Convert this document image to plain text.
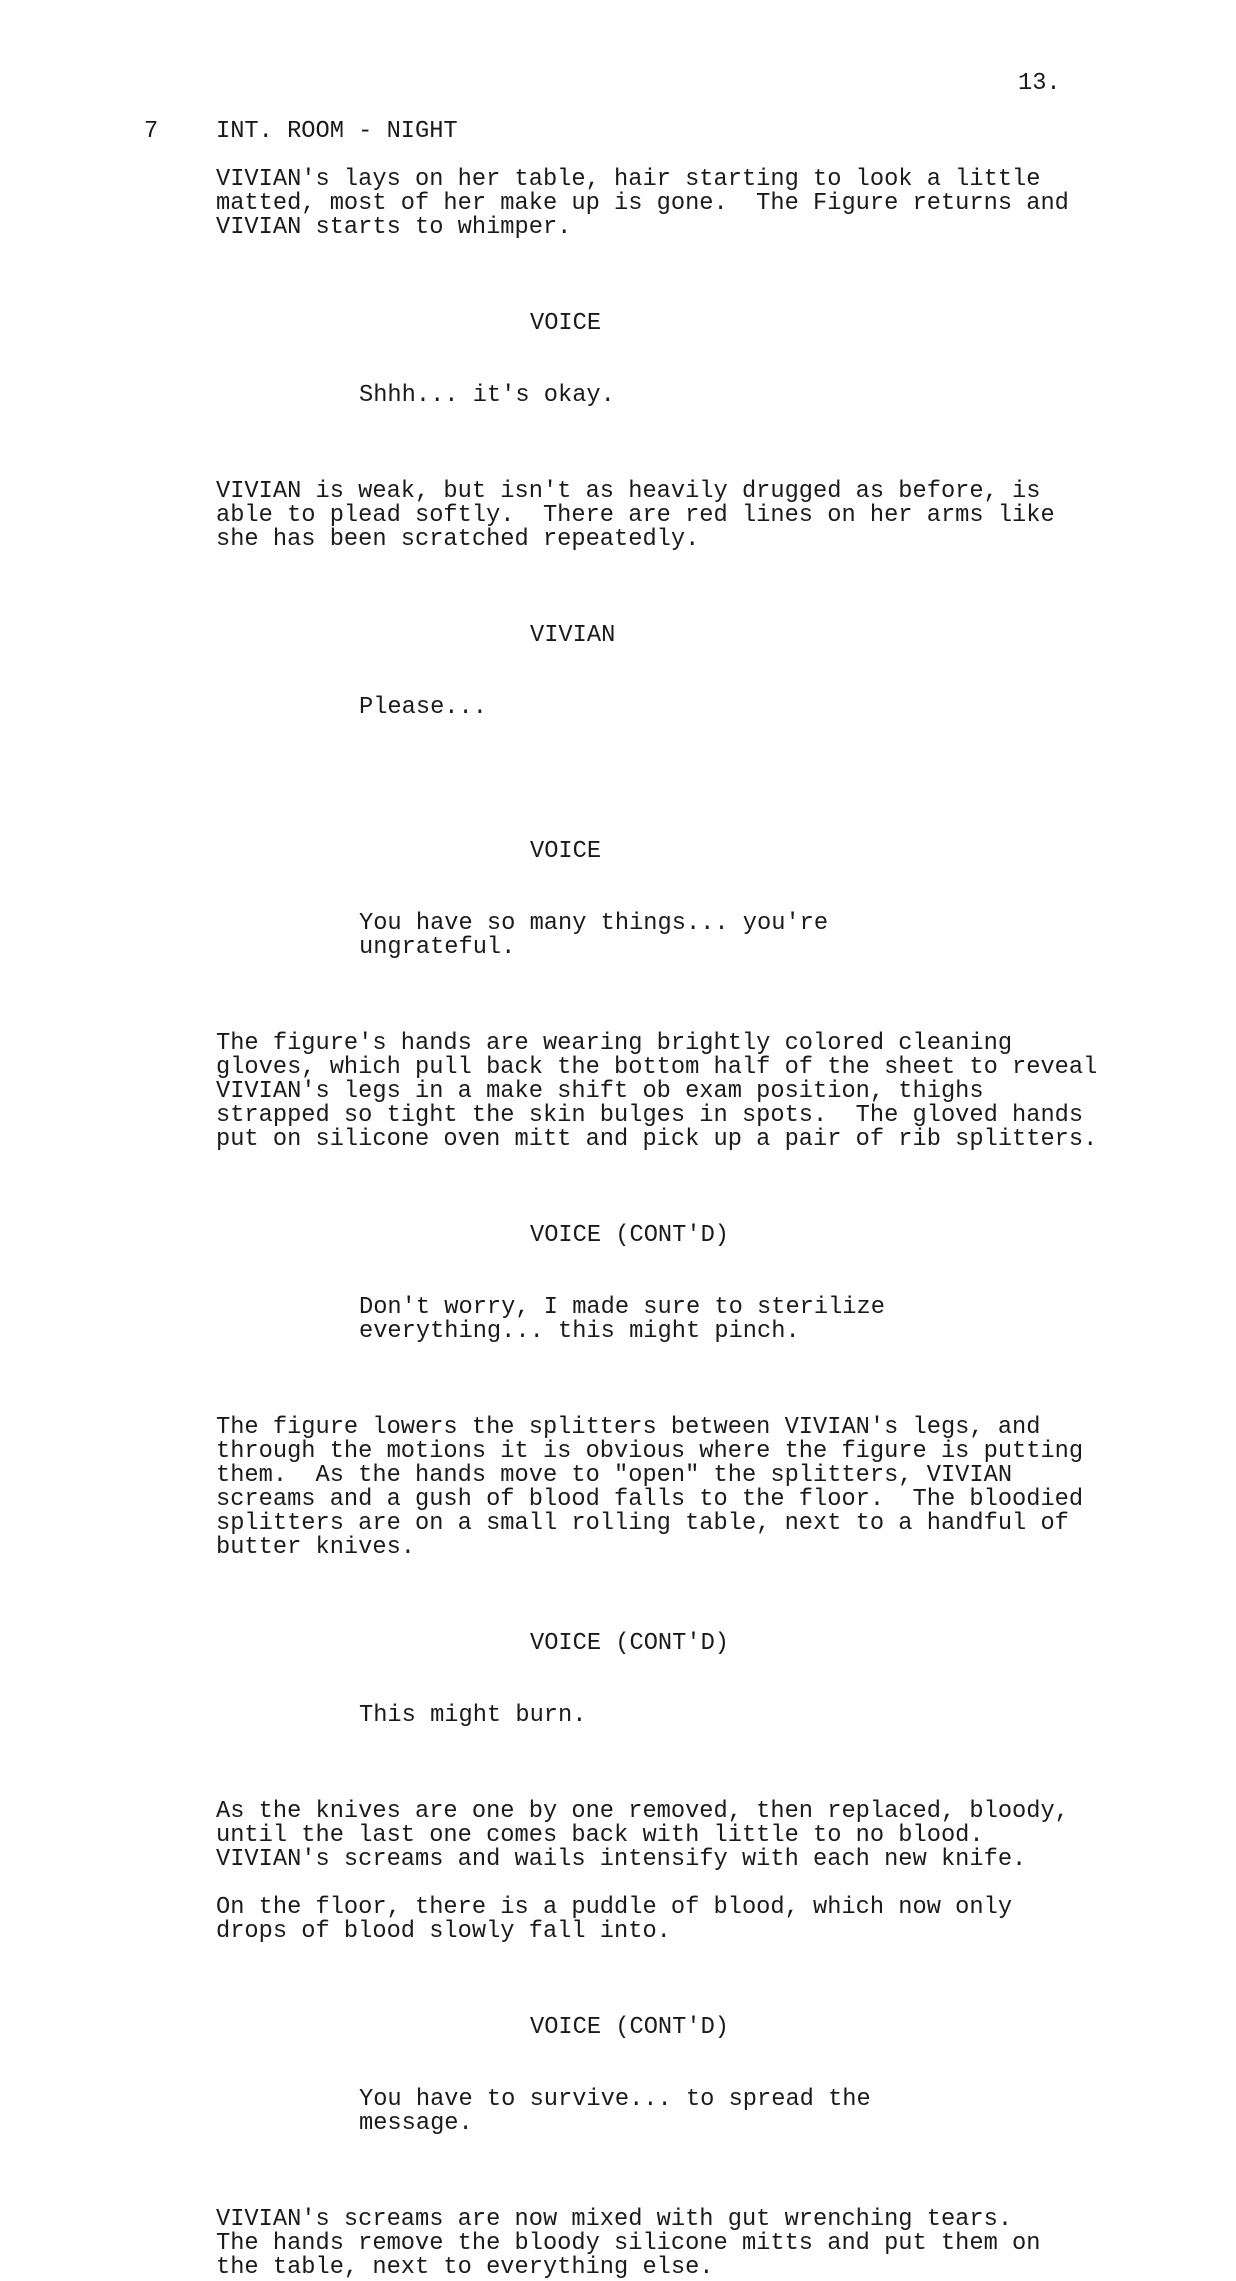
13.
7 INT. ROOM - NIGHT
VIVIAN's lays on her table, hair starting to look a little
matted, most of her make up is gone.  The Figure returns and
VIVIAN starts to whimper.

VOICE

Shhh... it's okay.

VIVIAN is weak, but isn't as heavily drugged as before, is
able to plead softly.  There are red lines on her arms like
she has been scratched repeatedly.

VIVIAN

Please...

VOICE

You have so many things... you're
ungrateful.

The figure's hands are wearing brightly colored cleaning
gloves, which pull back the bottom half of the sheet to reveal
VIVIAN's legs in a make shift ob exam position, thighs
strapped so tight the skin bulges in spots.  The gloved hands
put on silicone oven mitt and pick up a pair of rib splitters.

VOICE (CONT'D)

Don't worry, I made sure to sterilize
everything... this might pinch.

The figure lowers the splitters between VIVIAN's legs, and
through the motions it is obvious where the figure is putting
them.  As the hands move to "open" the splitters, VIVIAN
screams and a gush of blood falls to the floor.  The bloodied
splitters are on a small rolling table, next to a handful of
butter knives.

VOICE (CONT'D)

This might burn.

As the knives are one by one removed, then replaced, bloody,
until the last one comes back with little to no blood.
VIVIAN's screams and wails intensify with each new knife.
On the floor, there is a puddle of blood, which now only
drops of blood slowly fall into.

VOICE (CONT'D)

You have to survive... to spread the
message.

VIVIAN's screams are now mixed with gut wrenching tears.
The hands remove the bloody silicone mitts and put them on
the table, next to everything else.
